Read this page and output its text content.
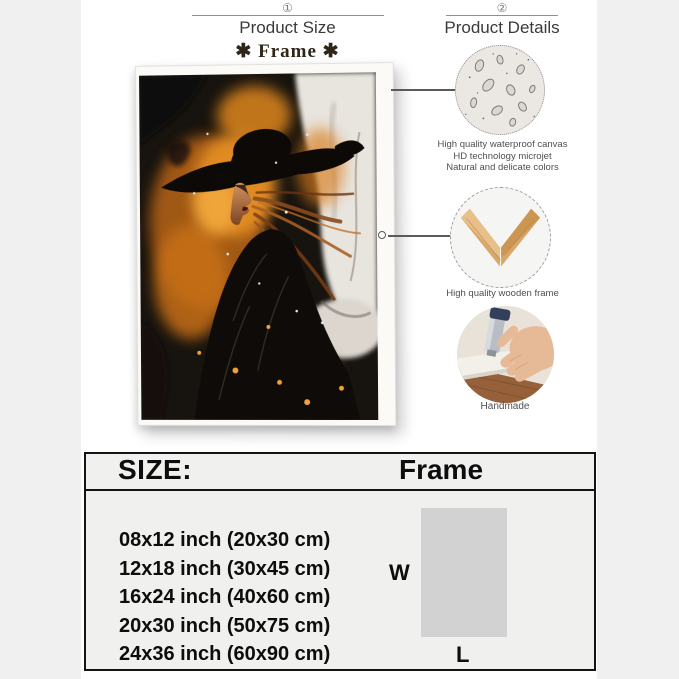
①
Product Size
✱ Frame ✱
②
Product Details
High quality waterproof canvas
HD technology microjet
Natural and delicate colors
High quality wooden frame
Handmade
SIZE:	Frame
08x12 inch (20x30 cm)
12x18 inch (30x45 cm)
16x24 inch (40x60 cm)
20x30 inch (50x75 cm)
24x36 inch (60x90 cm)
W
L
